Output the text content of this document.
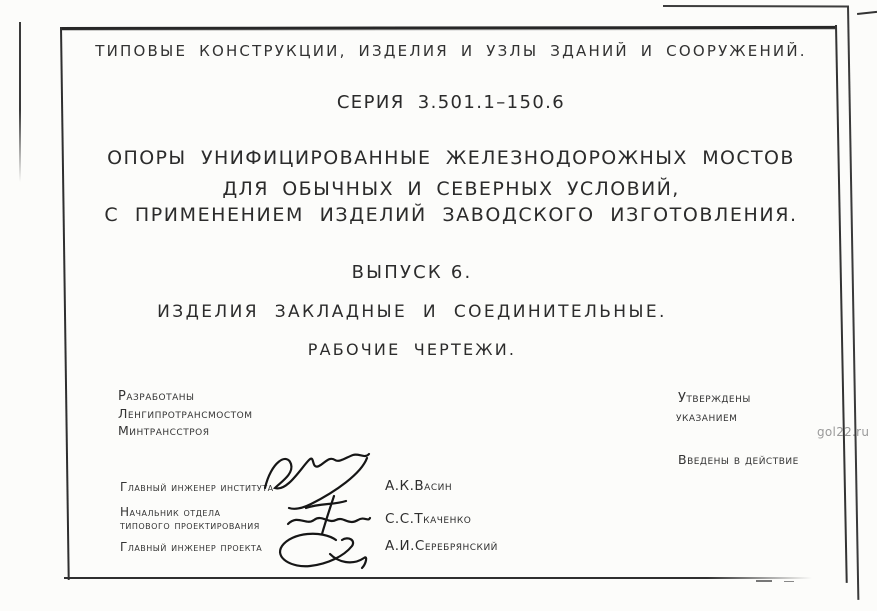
ТИПОВЫЕ КОНСТРУКЦИИ, ИЗДЕЛИЯ И УЗЛЫ ЗДАНИЙ И СООРУЖЕНИЙ.
СЕРИЯ 3.501.1–150.6
ОПОРЫ УНИФИЦИРОВАННЫЕ ЖЕЛЕЗНОДОРОЖНЫХ МОСТОВ
ДЛЯ ОБЫЧНЫХ И СЕВЕРНЫХ УСЛОВИЙ,
С ПРИМЕНЕНИЕМ ИЗДЕЛИЙ ЗАВОДСКОГО ИЗГОТОВЛЕНИЯ.
ВЫПУСК 6.
ИЗДЕЛИЯ ЗАКЛАДНЫЕ И СОЕДИНИТЕЛЬНЫЕ.
РАБОЧИЕ ЧЕРТЕЖИ.
Разработаны
Ленгипротрансмостом
Минтрансстроя
Утверждены
указанием
Введены в действие
Главный инженер института	А.К.Васин
Начальник отдела
типового проектирования	С.С.Ткаченко
Главный инженер проекта	А.И.Серебрянский
gol22.ru
